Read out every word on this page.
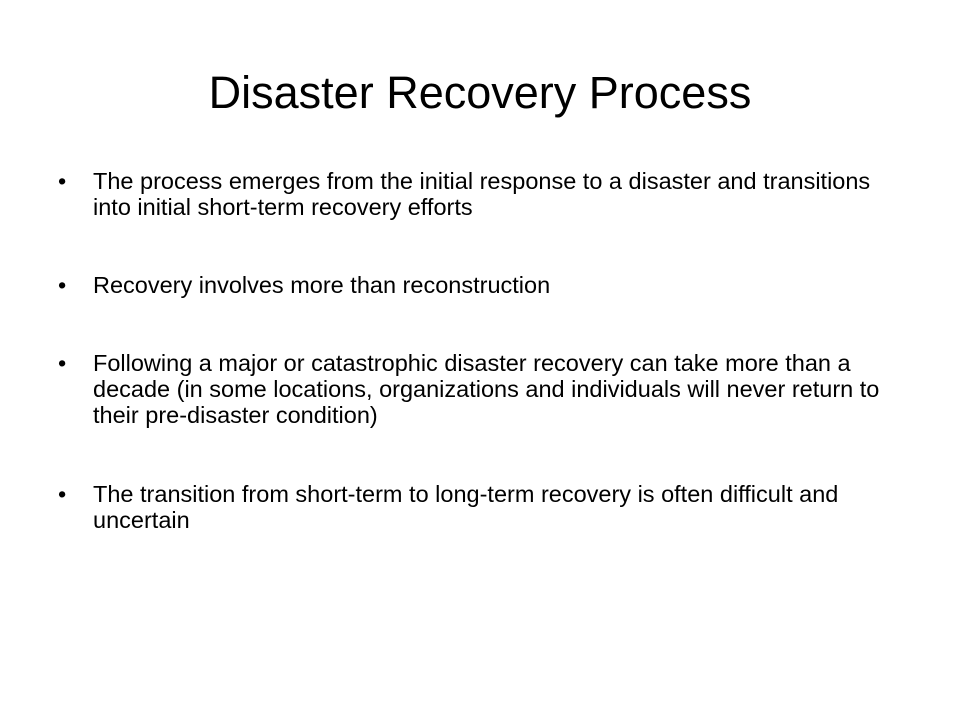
Disaster Recovery Process
•	The process emerges from the initial response to a disaster and transitions into initial short-term recovery efforts
•	Recovery involves more than reconstruction
•	Following a major or catastrophic disaster recovery can take more than a decade (in some locations, organizations and individuals will never return to their pre-disaster condition)
•	The transition from short-term to long-term recovery is often difficult and uncertain
